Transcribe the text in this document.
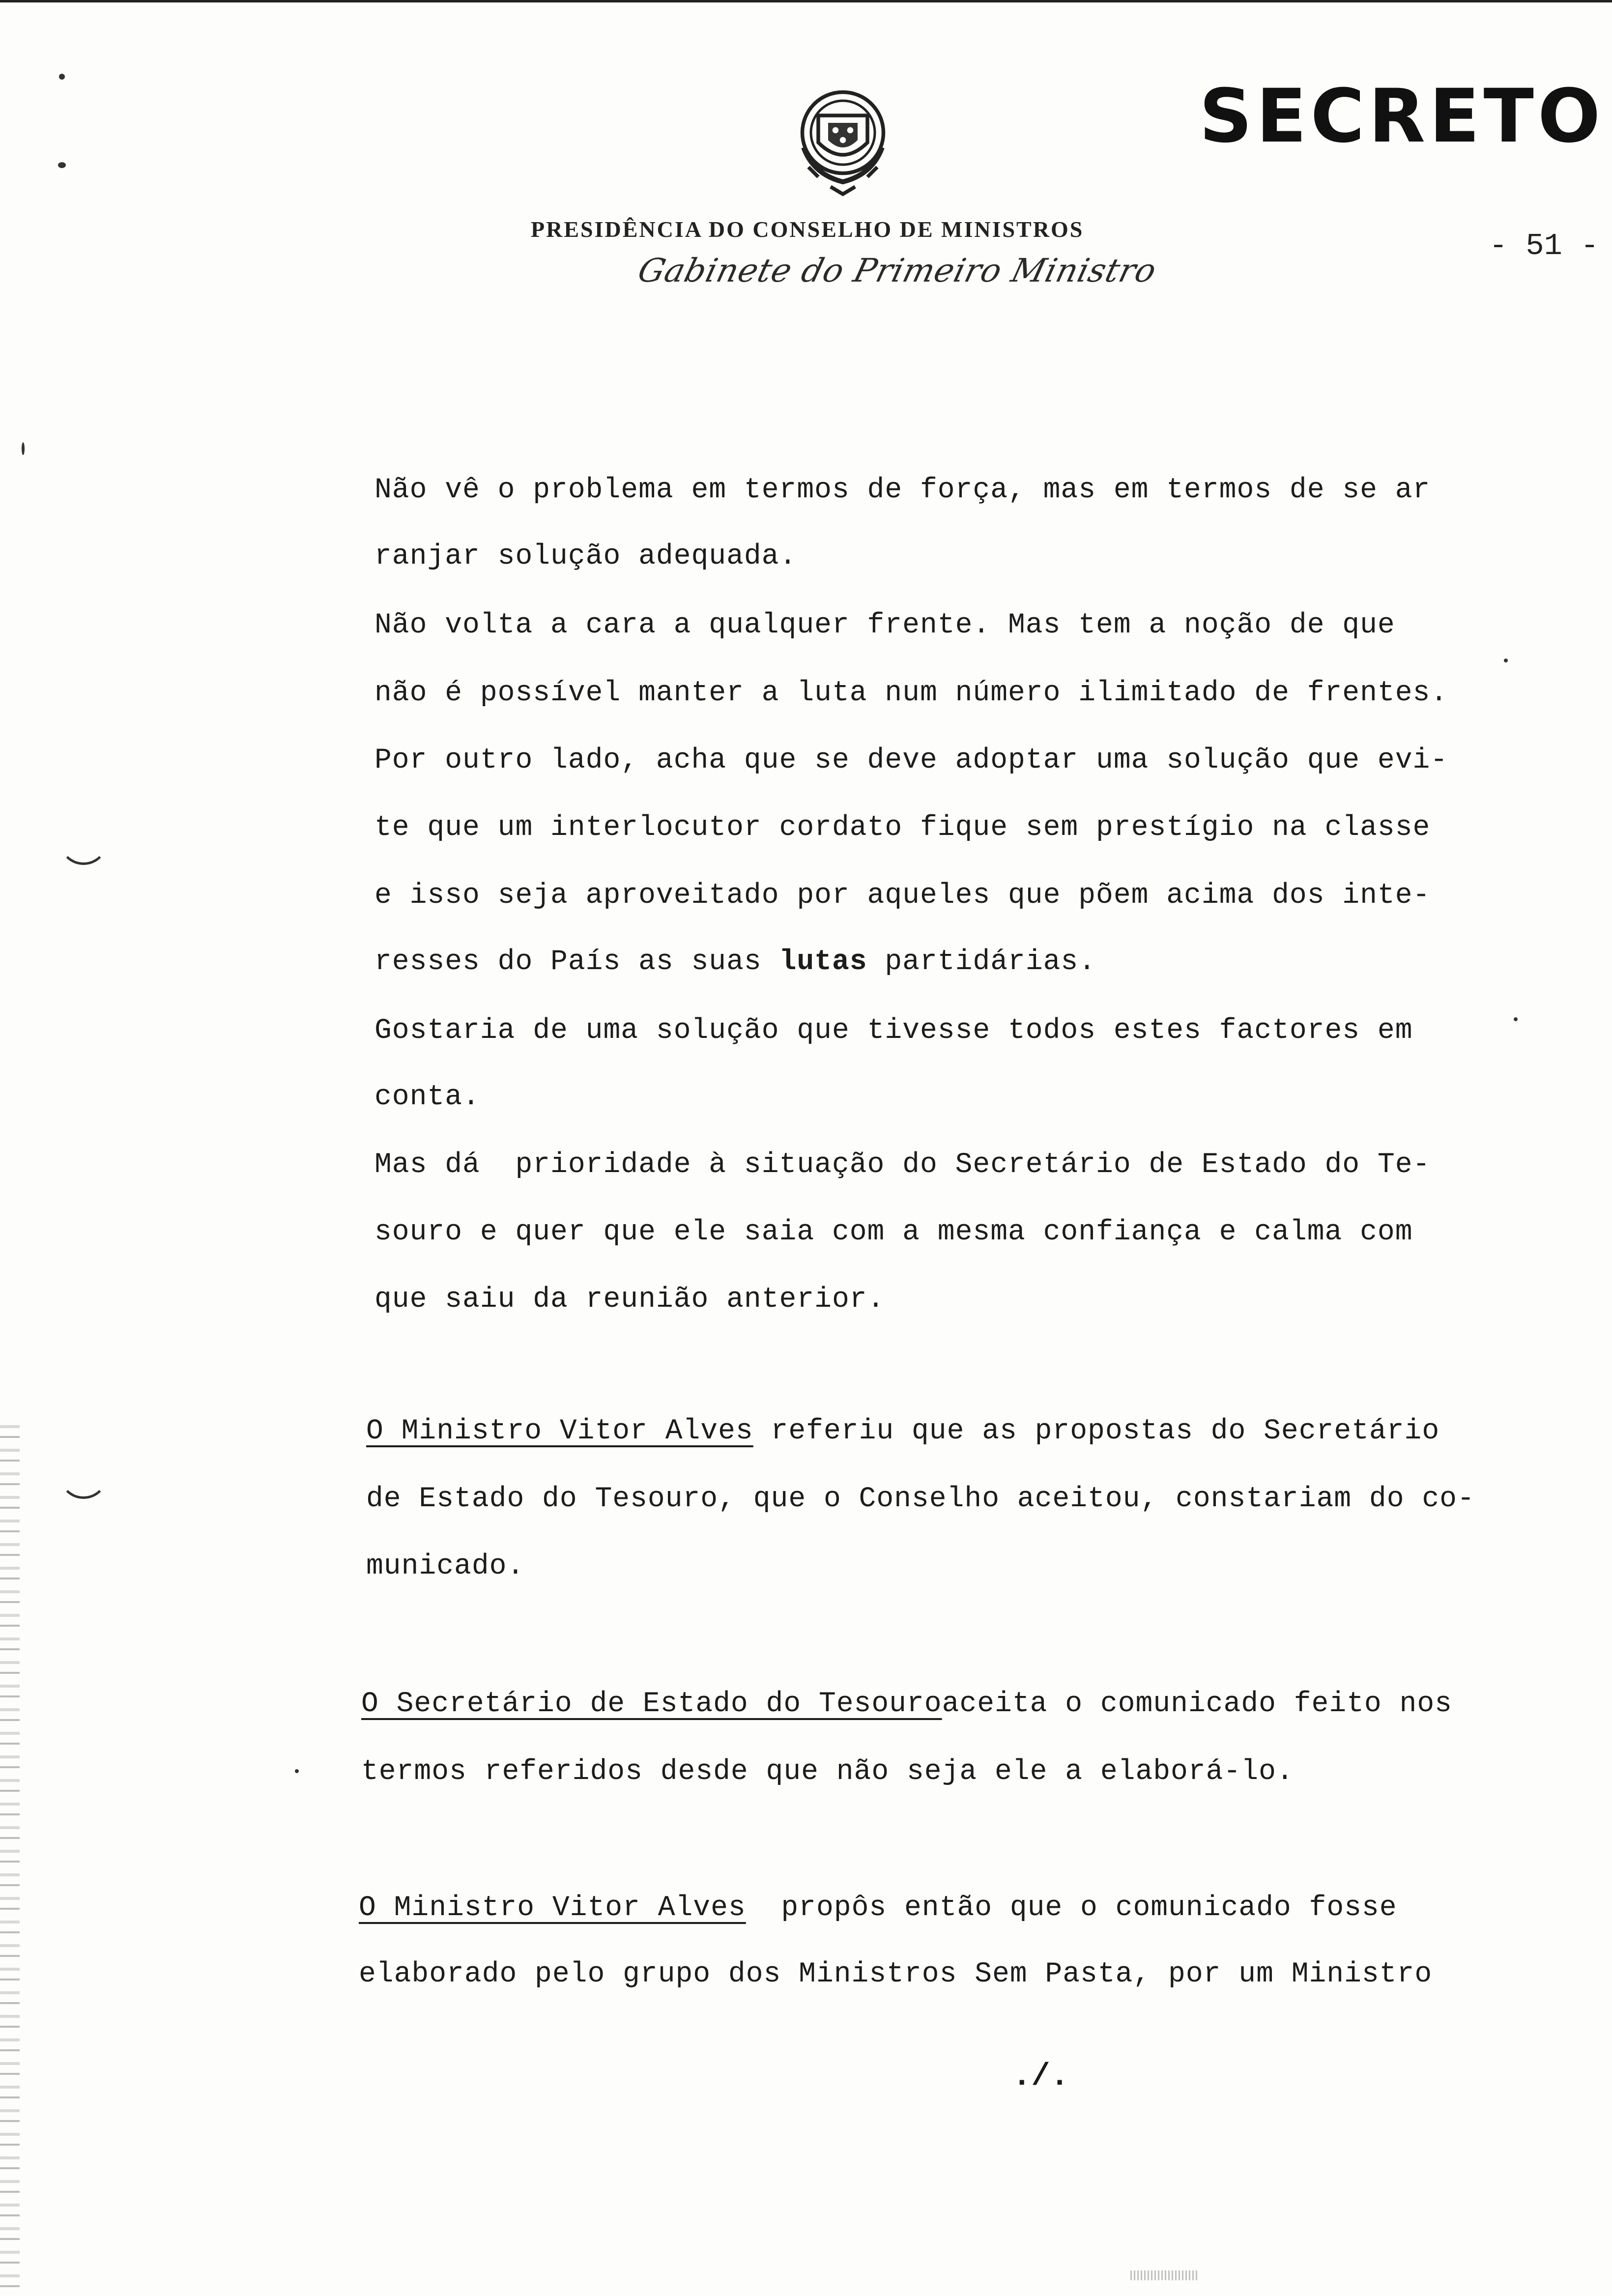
SECRETO
- 51 -
PRESIDÊNCIA DO CONSELHO DE MINISTROS
Gabinete do Primeiro Ministro
Não vê o problema em termos de força, mas em termos de se ar
ranjar solução adequada.
Não volta a cara a qualquer frente. Mas tem a noção de que
não é possível manter a luta num número ilimitado de frentes.
Por outro lado, acha que se deve adoptar uma solução que evi-
te que um interlocutor cordato fique sem prestígio na classe
e isso seja aproveitado por aqueles que põem acima dos inte-
resses do País as suas lutas partidárias.
Gostaria de uma solução que tivesse todos estes factores em
conta.
Mas dá  prioridade à situação do Secretário de Estado do Te-
souro e quer que ele saia com a mesma confiança e calma com
que saiu da reunião anterior.
O Ministro Vitor Alves referiu que as propostas do Secretário
de Estado do Tesouro, que o Conselho aceitou, constariam do co-
municado.
O Secretário de Estado do Tesouroaceita o comunicado feito nos
termos referidos desde que não seja ele a elaborá-lo.
O Ministro Vitor Alves  propôs então que o comunicado fosse
elaborado pelo grupo dos Ministros Sem Pasta, por um Ministro
./.
